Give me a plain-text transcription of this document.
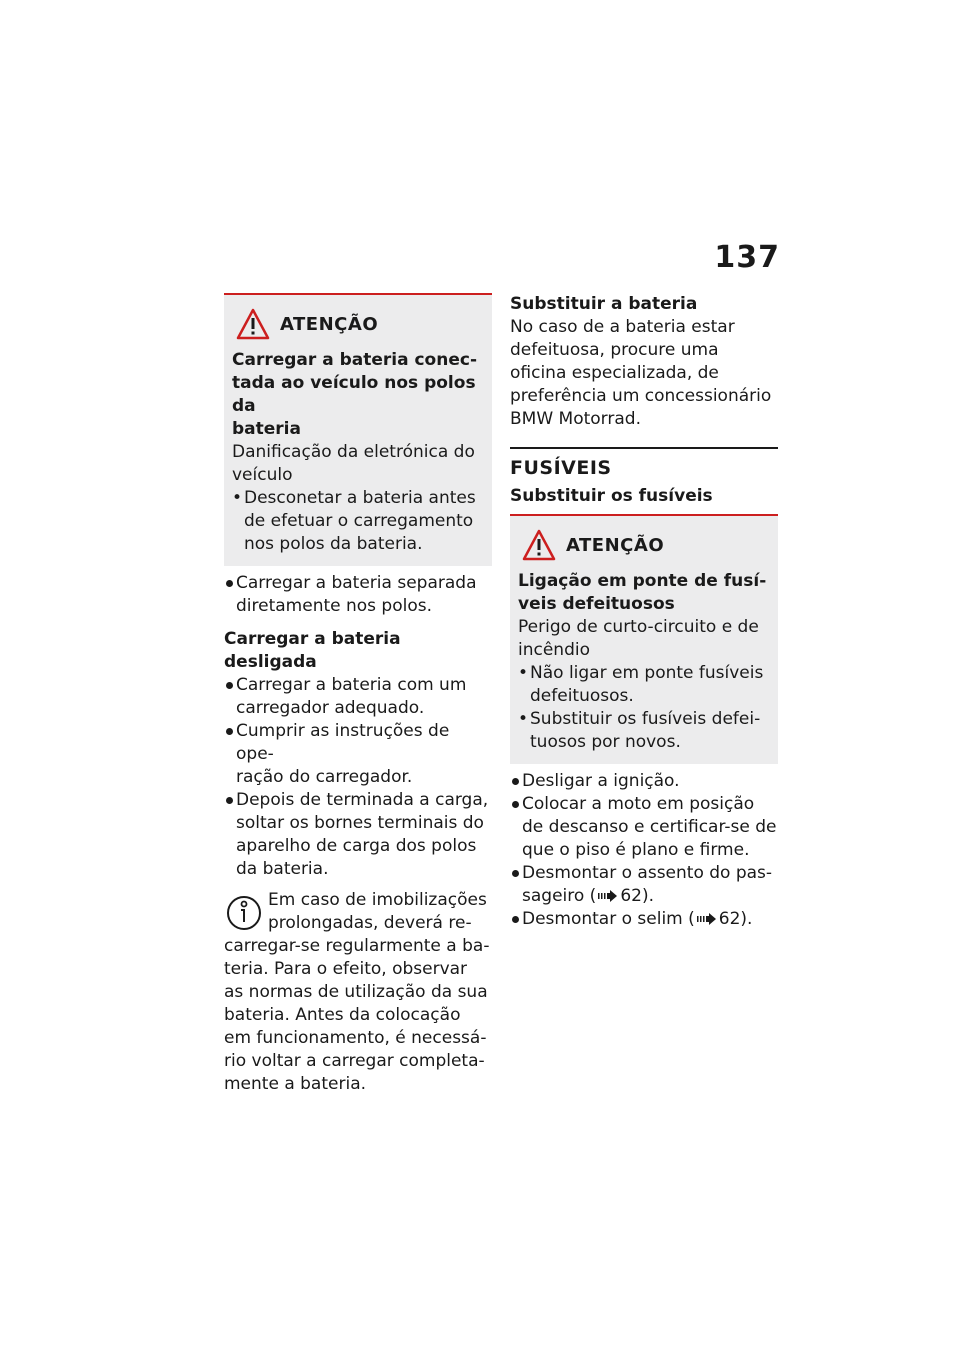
137
ATENÇÃO
Carregar a bateria conec-
tada ao veículo nos polos da
bateria
Danificação da eletrónica do
veículo
• Desconetar a bateria antes
de efetuar o carregamento
nos polos da bateria.
Carregar a bateria separada
diretamente nos polos.
Carregar a bateria desligada
Carregar a bateria com um
carregador adequado.
Cumprir as instruções de ope-
ração do carregador.
Depois de terminada a carga,
soltar os bornes terminais do
aparelho de carga dos polos
da bateria.
Em caso de imobilizações
prolongadas, deverá re-
carregar-se regularmente a ba-
teria. Para o efeito, observar
as normas de utilização da sua
bateria. Antes da colocação
em funcionamento, é necessá-
rio voltar a carregar completa-
mente a bateria.
Substituir a bateria
No caso de a bateria estar
defeituosa, procure uma
oficina especializada, de
preferência um concessionário
BMW Motorrad.
FUSÍVEIS
Substituir os fusíveis
ATENÇÃO
Ligação em ponte de fusí-
veis defeituosos
Perigo de curto-circuito e de
incêndio
• Não ligar em ponte fusíveis
defeituosos.
• Substituir os fusíveis defei-
tuosos por novos.
Desligar a ignição.
Colocar a moto em posição
de descanso e certificar-se de
que o piso é plano e firme.
Desmontar o assento do pas-
sageiro ( 62).
Desmontar o selim ( 62).
